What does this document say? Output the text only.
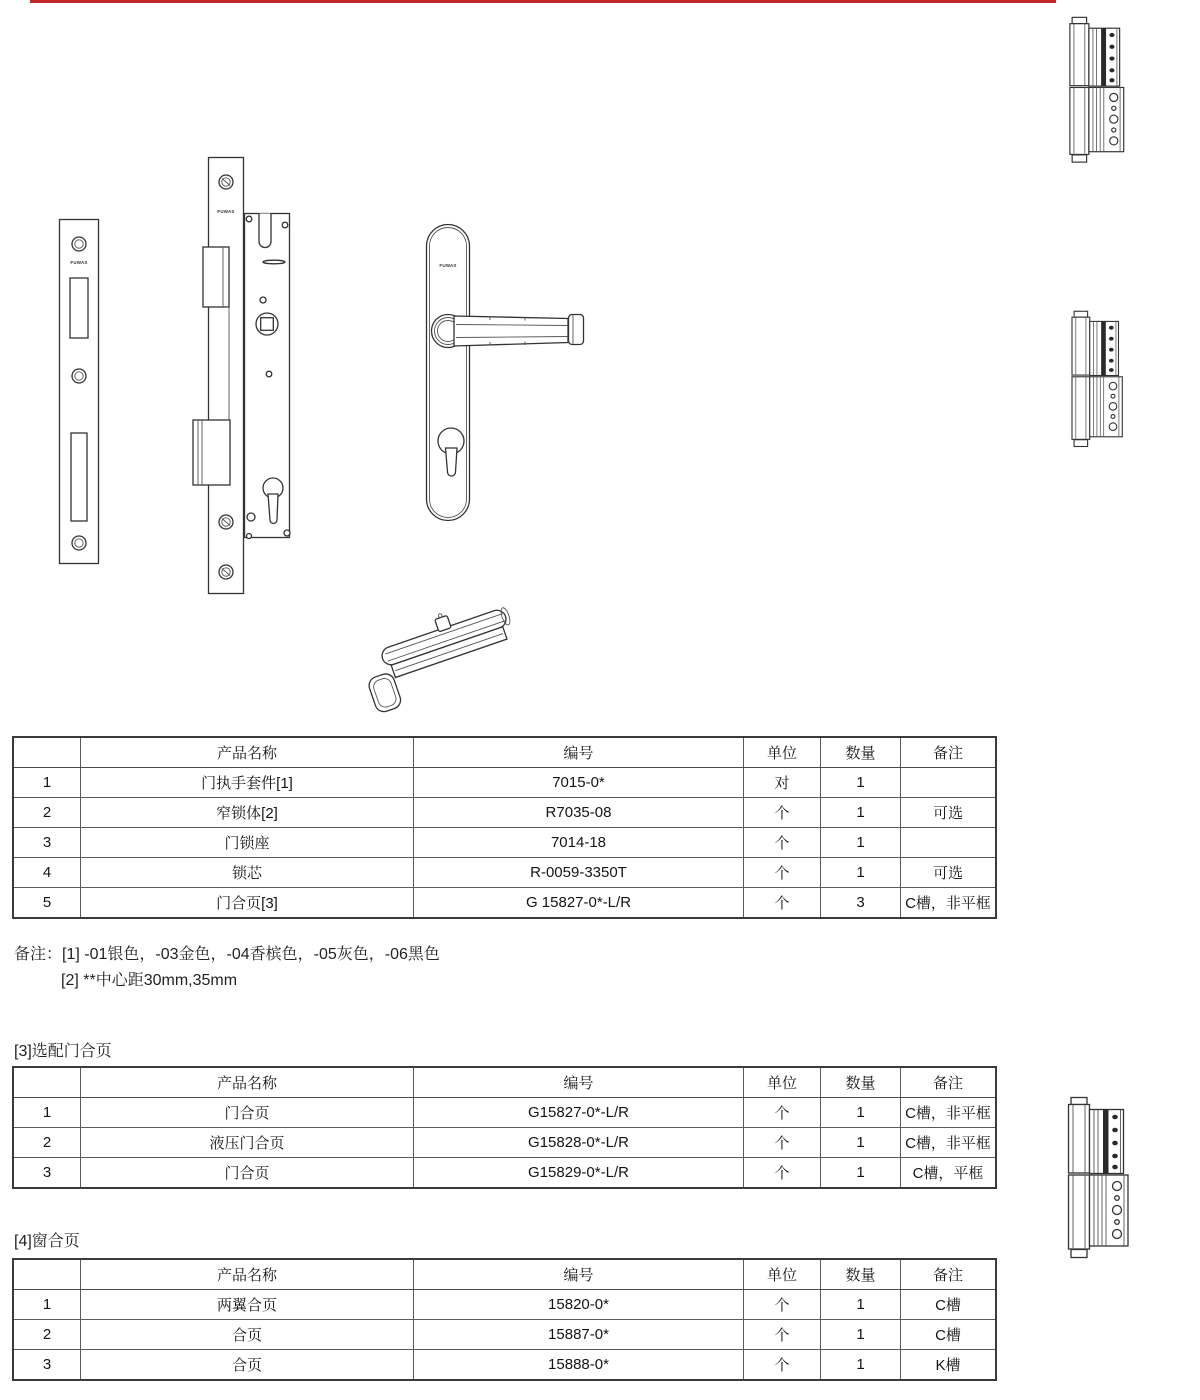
FUWAS
FUWAS
FUWAS
	产品名称	编号	单位	数量	备注
1	门执手套件[1]	7015-0*	对	1	
2	窄锁体[2]	R7035-08	个	1	可选
3	门锁座	7014-18	个	1	
4	锁芯	R-0059-3350T	个	1	可选
5	门合页[3]	G 15827-0*-L/R	个	3	C槽，非平框
备注：[1] -01银色，-03金色，-04香槟色，-05灰色，-06黑色
[2] **中心距30mm,35mm
[3]选配门合页
	产品名称	编号	单位	数量	备注
1	门合页	G15827-0*-L/R	个	1	C槽，非平框
2	液压门合页	G15828-0*-L/R	个	1	C槽，非平框
3	门合页	G15829-0*-L/R	个	1	C槽，平框
[4]窗合页
	产品名称	编号	单位	数量	备注
1	两翼合页	15820-0*	个	1	C槽
2	合页	15887-0*	个	1	C槽
3	合页	15888-0*	个	1	K槽
